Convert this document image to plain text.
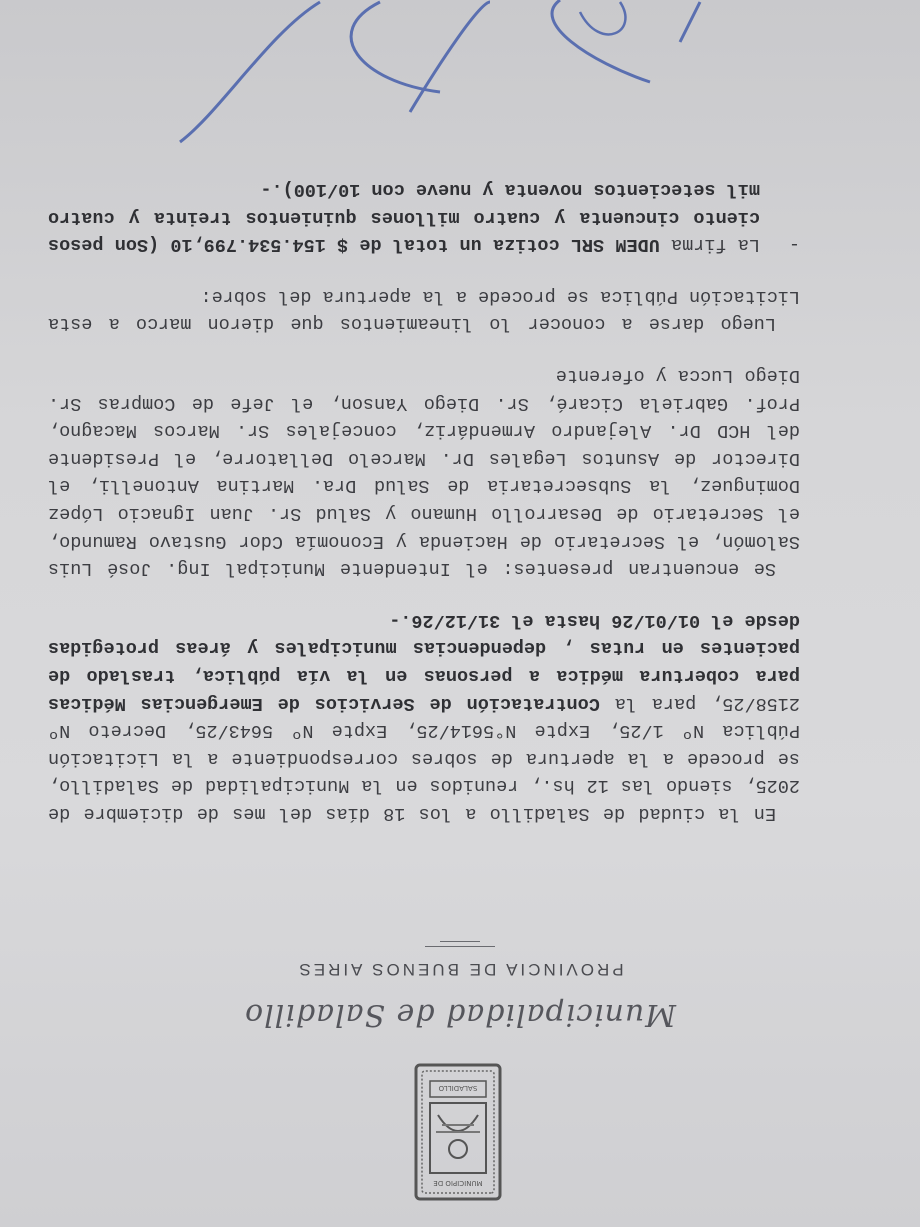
MUNICIPIO DE
SALADILLO
Municipalidad de Saladillo
PROVINCIA DE BUENOS AIRES

En la ciudad de Saladillo a los 18 días del mes de diciembre de 2025, siendo las 12 hs., reunidos en la Municipalidad de Saladillo, se procede a la apertura de sobres correspondiente a la Licitación Pública Nº 1/25, Expte N°5614/25, Expte Nº 5643/25, Decreto Nº 2158/25, para la Contratación de Servicios de Emergencias Médicas para cobertura médica a personas en la vía pública, traslado de pacientes en rutas , dependencias municipales y áreas protegidas desde el 01/01/26 hasta el 31/12/26.-

Se encuentran presentes: el Intendente Municipal Ing. José Luis Salomón, el Secretario de Hacienda y Economía Cdor Gustavo Ramundo, el Secretario de Desarrollo Humano y Salud Sr. Juan Ignacio López Dominguez, la Subsecretaria de Salud Dra. Martina Antonelli, el Director de Asuntos Legales Dr. Marcelo Dellatorre, el Presidente del HCD Dr. Alejandro Armendáriz, concejales Sr. Marcos Macagno, Prof. Gabriela Cicaré, Sr. Diego Yanson, el Jefe de Compras Sr. Diego Lucca y oferente

Luego darse a conocer lo lineamientos que dieron marco a esta Licitación Pública se procede a la apertura del sobre:

-
La firma UDEM SRL cotiza un total de $ 154.534.799,10 (Son pesos ciento cincuenta y cuatro millones quinientos treinta y cuatro mil setecientos noventa y nueve con 10/100).-
